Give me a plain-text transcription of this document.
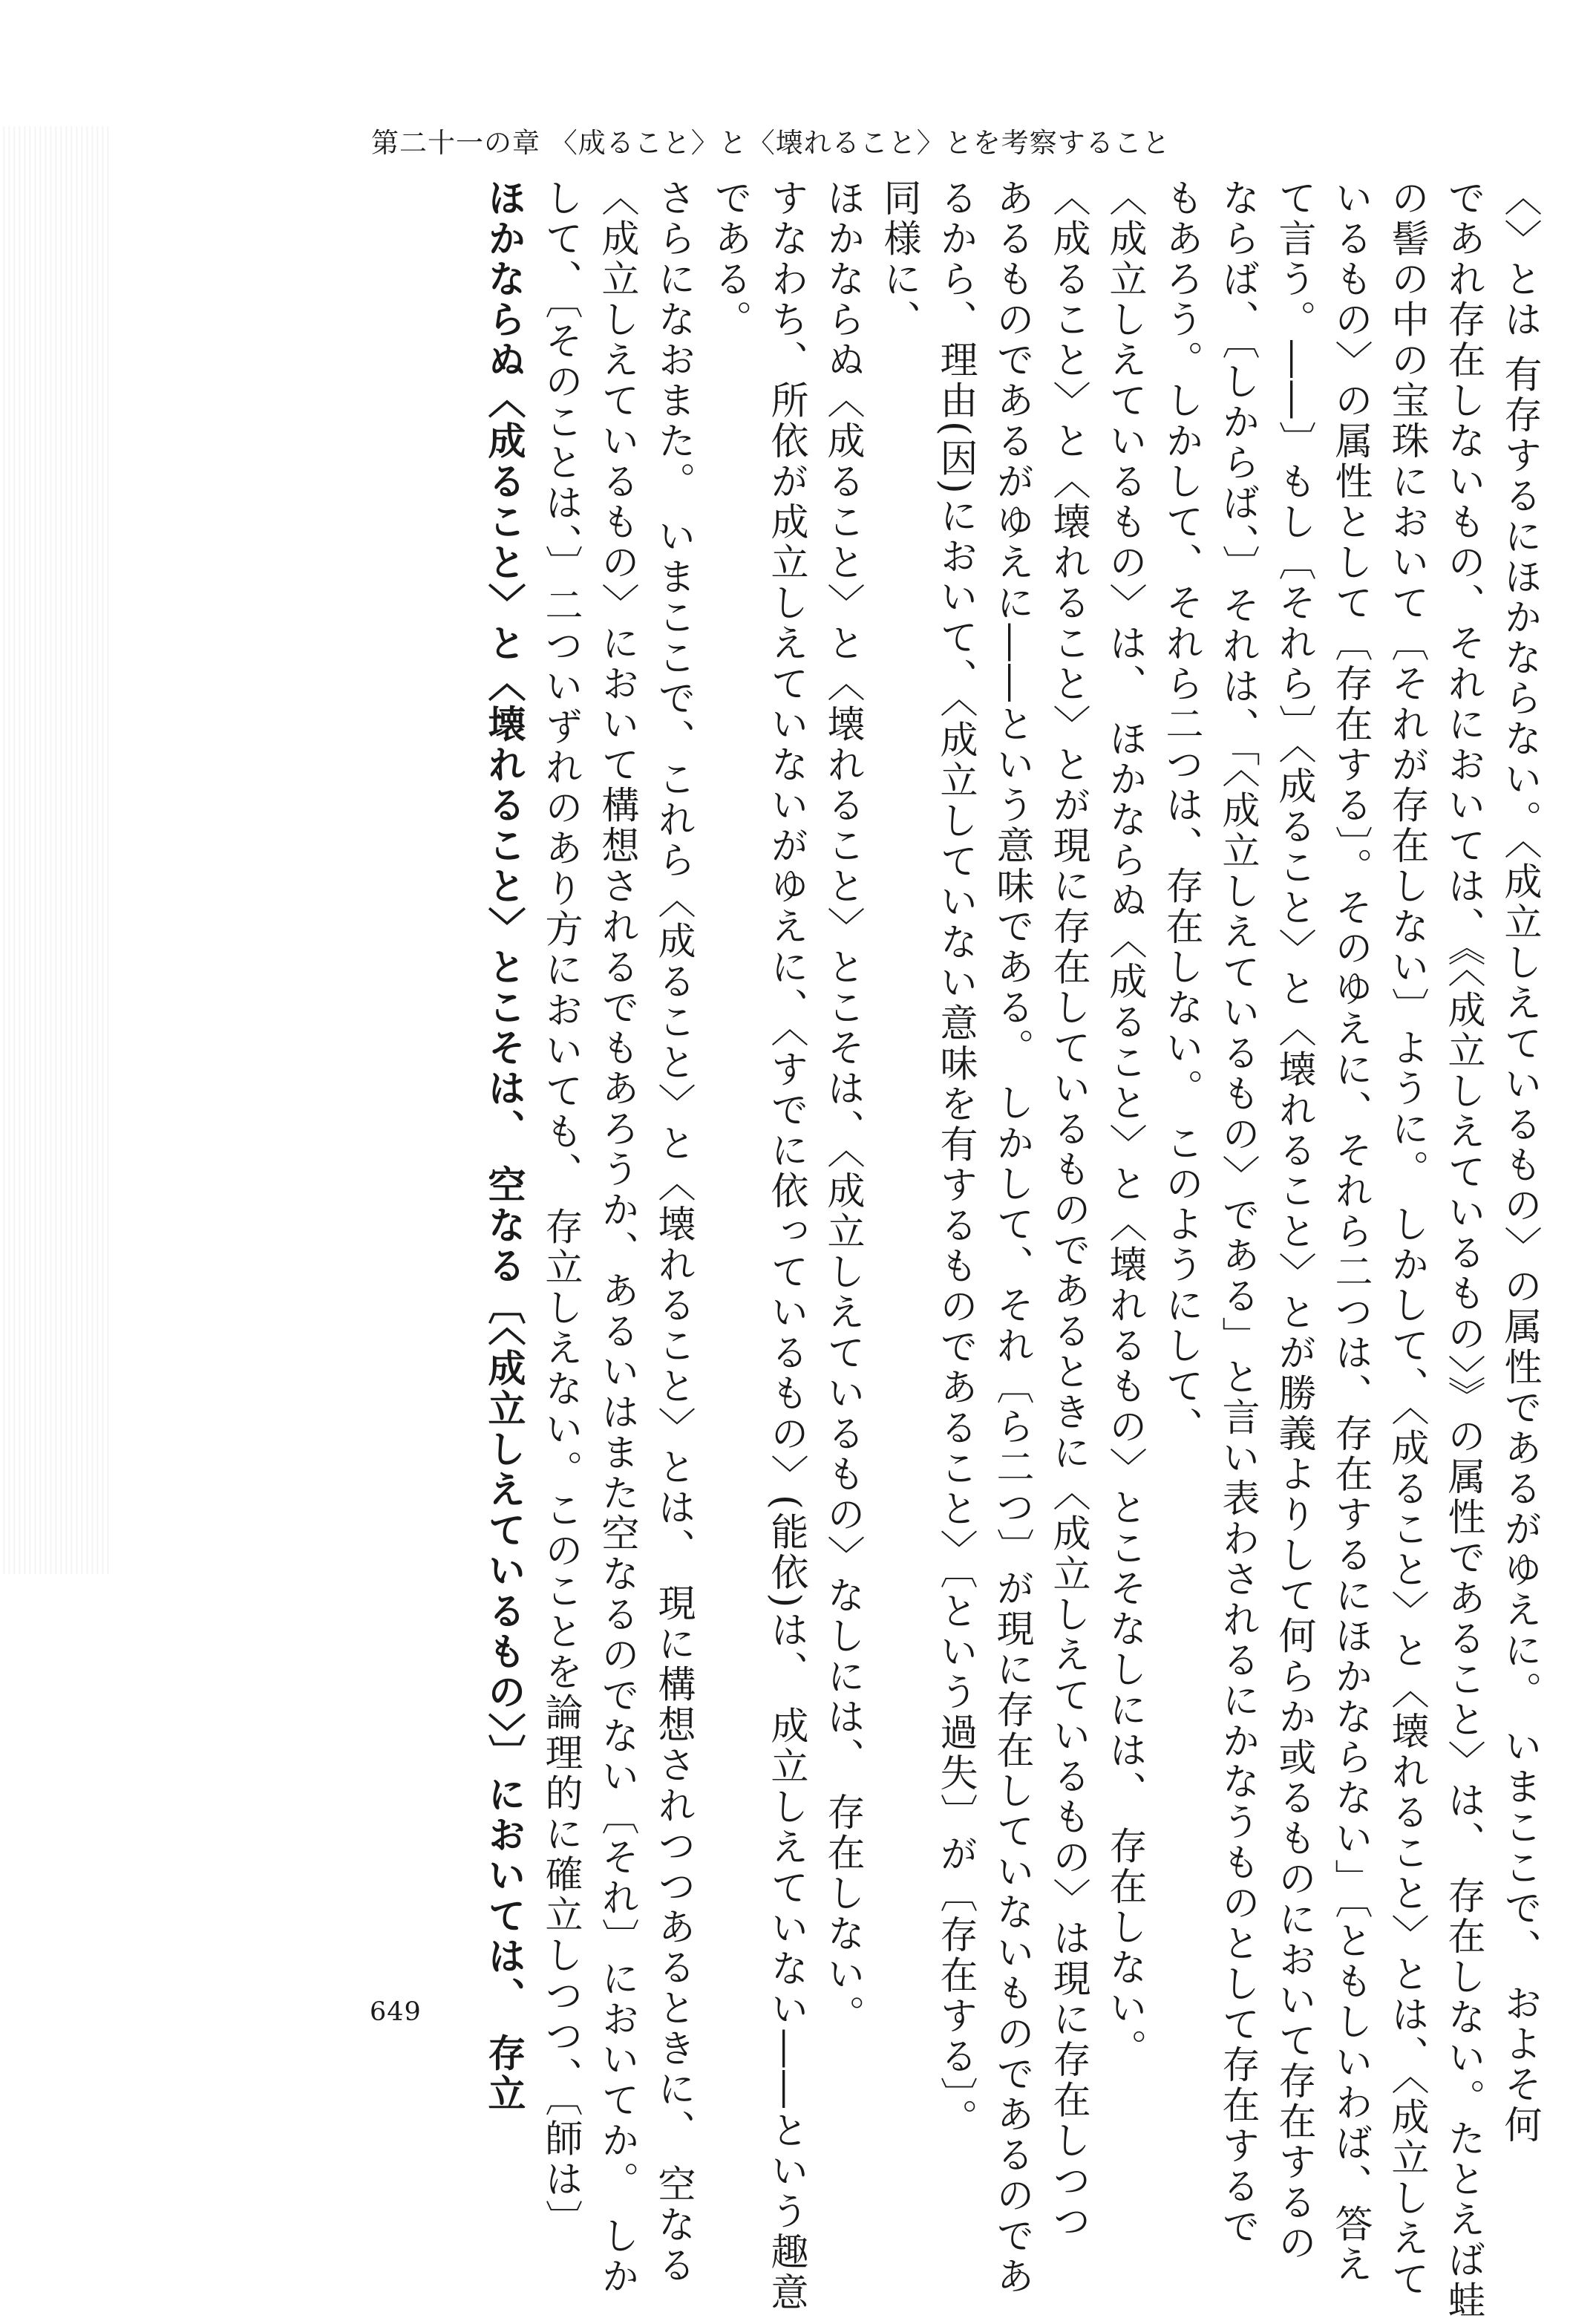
第二十一の章 〈成ること〉と〈壊れること〉とを考察すること
〈〉とは 有存するにほかならない。〈成立しえているもの〉の属性であるがゆえに。 いまここで、 およそ何
であれ存在しないもの、それにおいては、《〈成立しえているもの〉》の属性であること〉は、 存在しない。たとえば蛙
の髻の中の宝珠において〔それが存在しない〕ように。 しかして、〈成ること〉と〈壊れること〉とは、〈成立しえて
いるもの〉の属性として〔存在する〕。そのゆえに、それら二つは、存在するにほかならない」〔ともしいわば、答え
て言う。――〕もし〔それら〕〈成ること〉と〈壊れること〉とが勝義よりして何らか或るものにおいて存在するの
ならば、〔しからば、〕それは、「〈成立しえているもの〉である」と言い表わされるにかなうものとして存在するで
もあろう。しかして、それら二つは、存在しない。 このようにして、
〈成立しえているもの〉は、 ほかならぬ〈成ること〉と〈壊れるもの〉とこそなしには、 存在しない。
〈成ること〉と〈壊れること〉とが現に存在しているものであるときに〈成立しえているもの〉は現に存在しつつ
あるものであるがゆえに――という意味である。 しかして、それ〔ら二つ〕が現に存在していないものであるのであ
るから、理由(因)において、〈成立していない意味を有するものであること〉〔という過失〕が〔存在する〕。
同様に、
ほかならぬ〈成ること〉と〈壊れること〉とこそは、〈成立しえているもの〉なしには、 存在しない。
すなわち、所依が成立しえていないがゆえに、〈すでに依っているもの〉(能依)は、 成立しえていない――という趣意
である。
さらになおまた。 いまここで、これら〈成ること〉と〈壊れること〉とは、 現に構想されつつあるときに、 空なる
〈成立しえているもの〉において構想されるでもあろうか、あるいはまた空なるのでない〔それ〕においてか。 しか
して、〔そのことは、〕二ついずれのあり方においても、 存立しえない。このことを論理的に確立しつつ、〔師は〕
ほかならぬ〈成ること〉と〈壊れること〉とこそは、 空なる〔〈成立しえているもの〉〕においては、 存立
649
